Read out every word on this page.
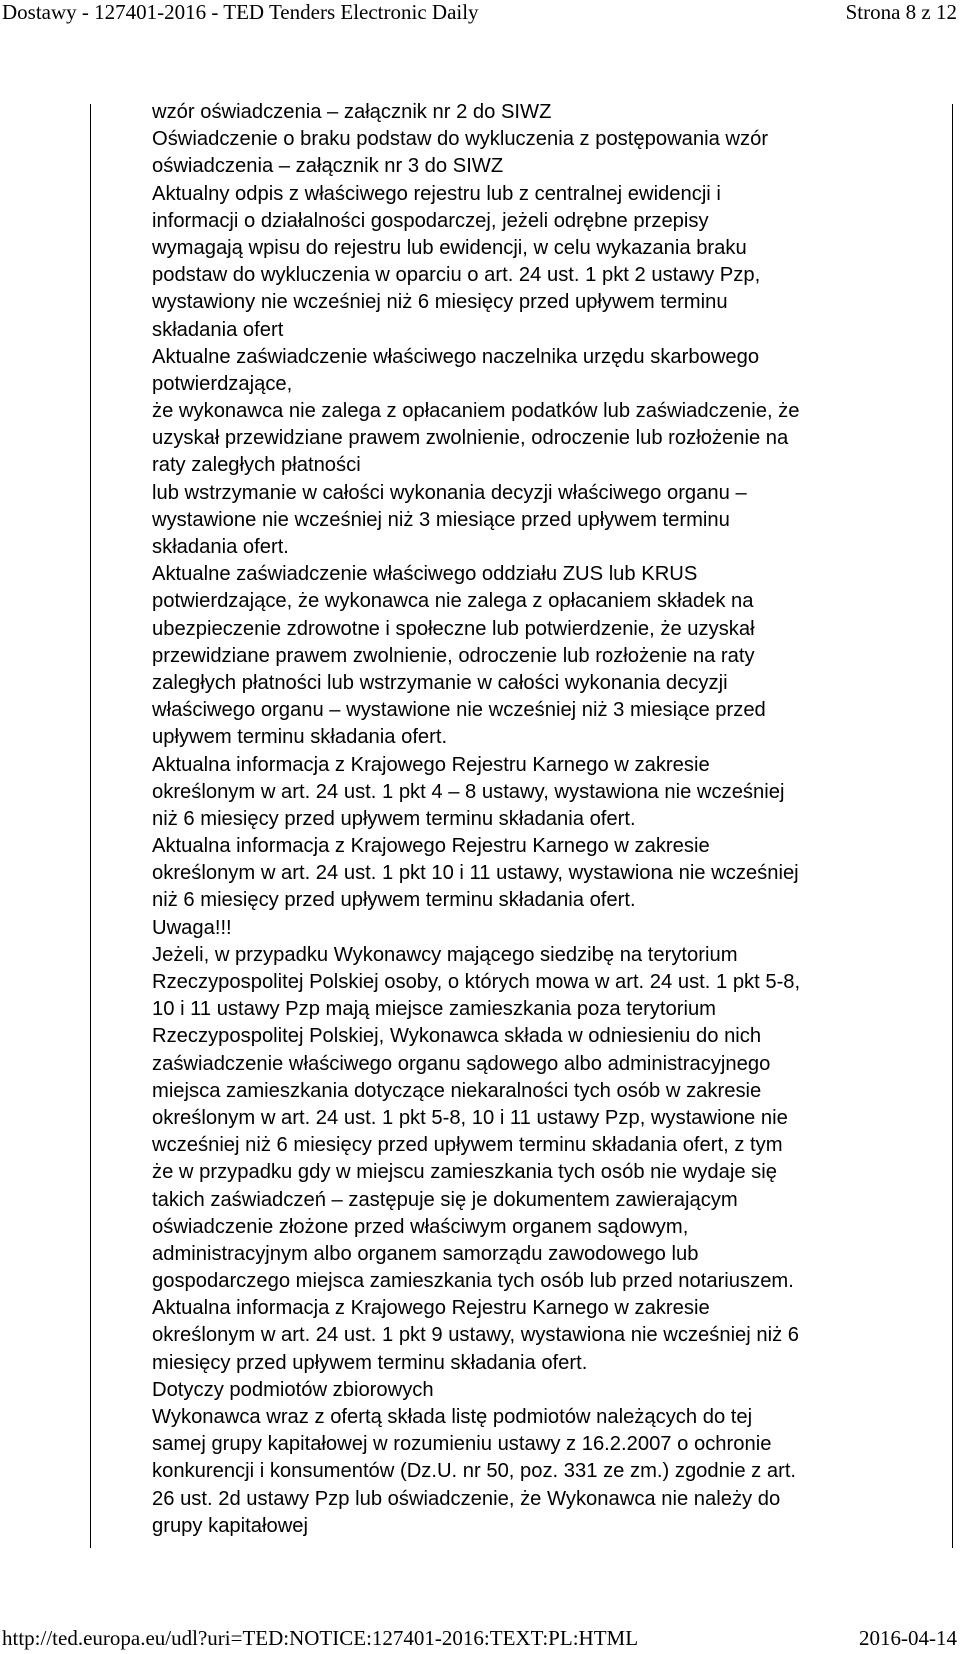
Dostawy - 127401-2016 - TED Tenders Electronic Daily	Strona 8 z 12
wzór oświadczenia – załącznik nr 2 do SIWZ
Oświadczenie o braku podstaw do wykluczenia z postępowania wzór
oświadczenia – załącznik nr 3 do SIWZ
Aktualny odpis z właściwego rejestru lub z centralnej ewidencji i
informacji o działalności gospodarczej, jeżeli odrębne przepisy
wymagają wpisu do rejestru lub ewidencji, w celu wykazania braku
podstaw do wykluczenia w oparciu o art. 24 ust. 1 pkt 2 ustawy Pzp,
wystawiony nie wcześniej niż 6 miesięcy przed upływem terminu
składania ofert
Aktualne zaświadczenie właściwego naczelnika urzędu skarbowego
potwierdzające,
że wykonawca nie zalega z opłacaniem podatków lub zaświadczenie, że
uzyskał przewidziane prawem zwolnienie, odroczenie lub rozłożenie na
raty zaległych płatności
lub wstrzymanie w całości wykonania decyzji właściwego organu –
wystawione nie wcześniej niż 3 miesiące przed upływem terminu
składania ofert.
Aktualne zaświadczenie właściwego oddziału ZUS lub KRUS
potwierdzające, że wykonawca nie zalega z opłacaniem składek na
ubezpieczenie zdrowotne i społeczne lub potwierdzenie, że uzyskał
przewidziane prawem zwolnienie, odroczenie lub rozłożenie na raty
zaległych płatności lub wstrzymanie w całości wykonania decyzji
właściwego organu – wystawione nie wcześniej niż 3 miesiące przed
upływem terminu składania ofert.
Aktualna informacja z Krajowego Rejestru Karnego w zakresie
określonym w art. 24 ust. 1 pkt 4 – 8 ustawy, wystawiona nie wcześniej
niż 6 miesięcy przed upływem terminu składania ofert.
Aktualna informacja z Krajowego Rejestru Karnego w zakresie
określonym w art. 24 ust. 1 pkt 10 i 11 ustawy, wystawiona nie wcześniej
niż 6 miesięcy przed upływem terminu składania ofert.
Uwaga!!!
Jeżeli, w przypadku Wykonawcy mającego siedzibę na terytorium
Rzeczypospolitej Polskiej osoby, o których mowa w art. 24 ust. 1 pkt 5-8,
10 i 11 ustawy Pzp mają miejsce zamieszkania poza terytorium
Rzeczypospolitej Polskiej, Wykonawca składa w odniesieniu do nich
zaświadczenie właściwego organu sądowego albo administracyjnego
miejsca zamieszkania dotyczące niekaralności tych osób w zakresie
określonym w art. 24 ust. 1 pkt 5-8, 10 i 11 ustawy Pzp, wystawione nie
wcześniej niż 6 miesięcy przed upływem terminu składania ofert, z tym
że w przypadku gdy w miejscu zamieszkania tych osób nie wydaje się
takich zaświadczeń – zastępuje się je dokumentem zawierającym
oświadczenie złożone przed właściwym organem sądowym,
administracyjnym albo organem samorządu zawodowego lub
gospodarczego miejsca zamieszkania tych osób lub przed notariuszem.
Aktualna informacja z Krajowego Rejestru Karnego w zakresie
określonym w art. 24 ust. 1 pkt 9 ustawy, wystawiona nie wcześniej niż 6
miesięcy przed upływem terminu składania ofert.
Dotyczy podmiotów zbiorowych
Wykonawca wraz z ofertą składa listę podmiotów należących do tej
samej grupy kapitałowej w rozumieniu ustawy z 16.2.2007 o ochronie
konkurencji i konsumentów (Dz.U. nr 50, poz. 331 ze zm.) zgodnie z art.
26 ust. 2d ustawy Pzp lub oświadczenie, że Wykonawca nie należy do
grupy kapitałowej
http://ted.europa.eu/udl?uri=TED:NOTICE:127401-2016:TEXT:PL:HTML	2016-04-14
